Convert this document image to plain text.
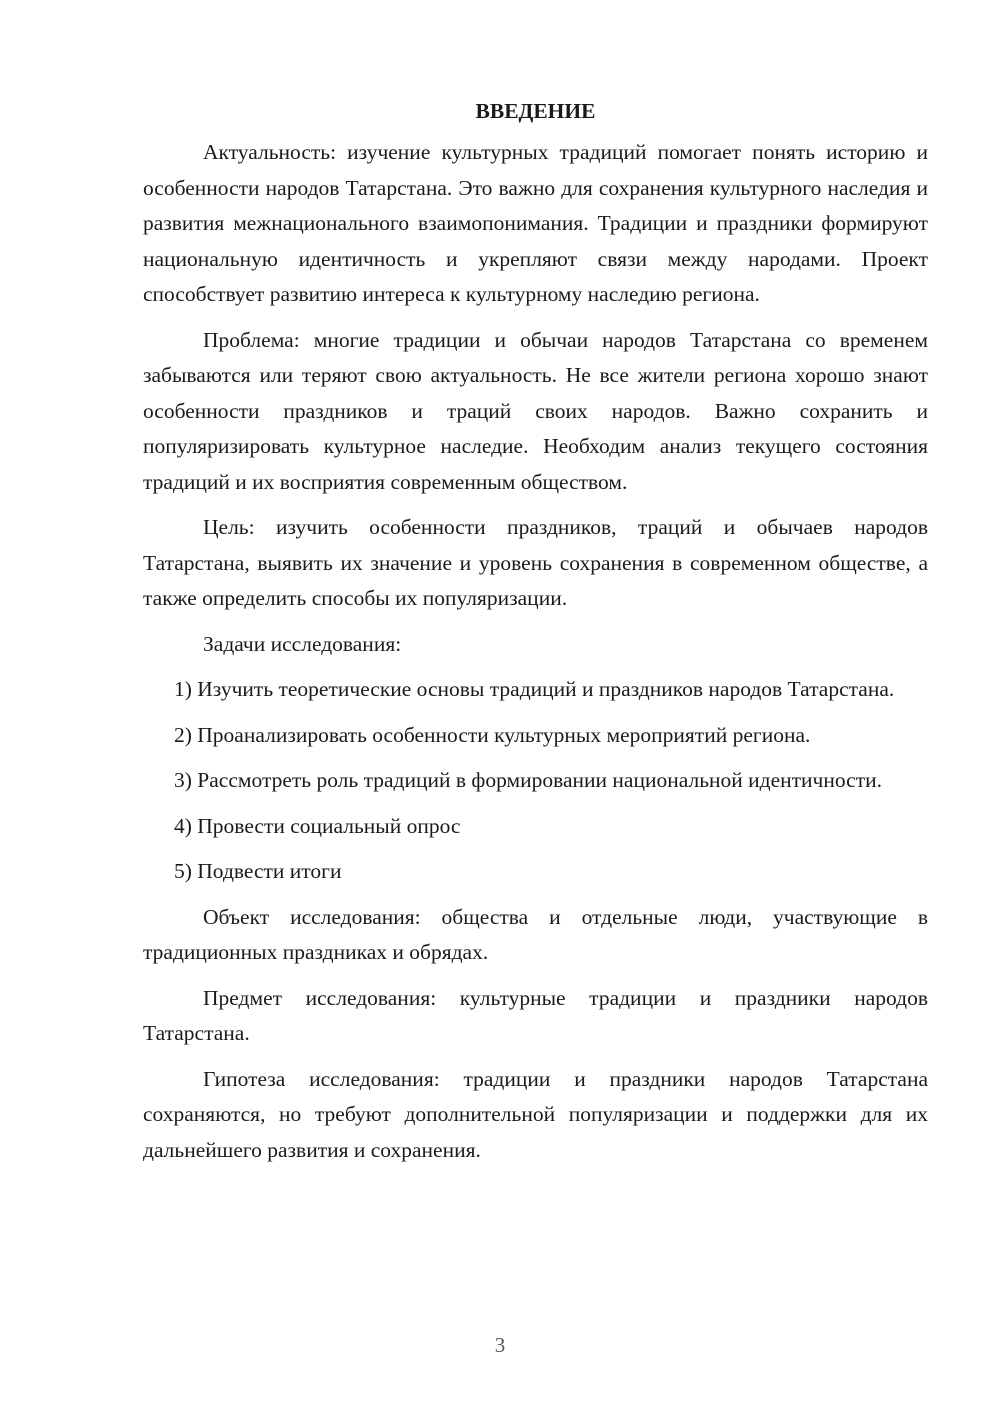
ВВЕДЕНИЕ

Актуальность: изучение культурных традиций помогает понять историю и особенности народов Татарстана. Это важно для сохранения культурного наследия и развития межнационального взаимопонимания. Традиции и праздники формируют национальную идентичность и укрепляют связи между народами. Проект способствует развитию интереса к культурному наследию региона.

Проблема: многие традиции и обычаи народов Татарстана со временем забываются или теряют свою актуальность. Не все жители региона хорошо знают особенности праздников и траций своих народов. Важно сохранить и популяризировать культурное наследие. Необходим анализ текущего состояния традиций и их восприятия современным обществом.

Цель: изучить особенности праздников, траций и обычаев народов Татарстана, выявить их значение и уровень сохранения в современном обществе, а также определить способы их популяризации.

Задачи исследования:

1) Изучить теоретические основы традиций и праздников народов Татарстана.

2) Проанализировать особенности культурных мероприятий региона.

3) Рассмотреть роль традиций в формировании национальной идентичности.

4) Провести социальный опрос

5) Подвести итоги

Объект исследования: общества и отдельные люди, участвующие в традиционных праздниках и обрядах.

Предмет исследования: культурные традиции и праздники народов Татарстана.

Гипотеза исследования: традиции и праздники народов Татарстана сохраняются, но требуют дополнительной популяризации и поддержки для их дальнейшего развития и сохранения.

3
